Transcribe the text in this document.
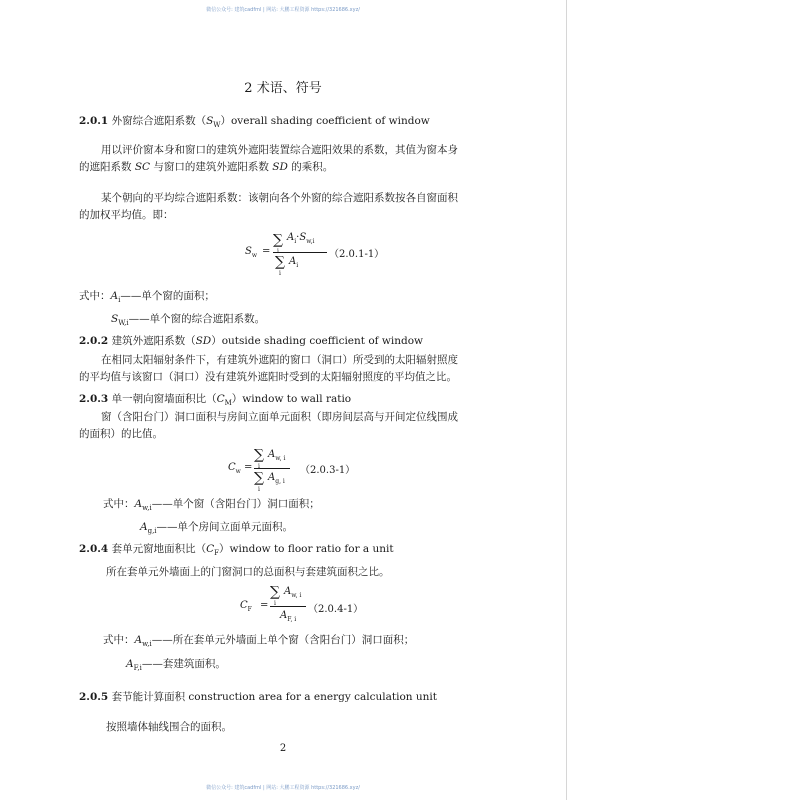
微信公众号: 建筑cadfml | 网站: 大鹏工程资源 https://321686.xyz/
2 术语、符号
2.0.1 外窗综合遮阳系数$(S_W)overall$ shading coefficient of window
用以评价窗本身和窗口的建筑外遮阳装置综合遮阳效果的系数，其值为窗本身
的遮阳系数 SC 与窗口的建筑外遮阳系数 SD 的乘积。
某个朝向的平均综合遮阳系数：该朝向各个外窗的综合遮阳系数按各自窗面积
的加权平均值。即：
$S_w$ =
∑
i
$A_i\cdot S_{w,i}$
∑
i
$A_i$
（2.0.1-1）
式中：$A_i——$单个窗的面积；
$S_{W,i}——$单个窗的综合遮阳系数。
2.0.2 建筑外遮阳系数（SD）outside shading coefficient of window
在相同太阳辐射条件下，有建筑外遮阳的窗口（洞口）所受到的太阳辐射照度
的平均值与该窗口（洞口）没有建筑外遮阳时受到的太阳辐射照度的平均值之比。
2.0.3 单一朝向窗墙面积比$(C_M)window$ to wall ratio
窗（含阳台门）洞口面积与房间立面单元面积（即房间层高与开间定位线围成
的面积）的比值。
$C_w$ =
∑
i
$A_{w, i}$
∑
i
$A_{g, i}$
（2.0.3-1）
式中：$A_{w,i}——$单个窗（含阳台门）洞口面积；
$A_{g,i}——$单个房间立面单元面积。
2.0.4 套单元窗地面积比$(C_F)window$ to floor ratio for a unit
所在套单元外墙面上的门窗洞口的总面积与套建筑面积之比。
$C_F$ =
∑
i
$A_{w, i}$
$A_{F, i}$
（2.0.4-1）
式中：$A_{w,i}——$所在套单元外墙面上单个窗（含阳台门）洞口面积；
$A_{F,i}——$套建筑面积。
2.0.5 套节能计算面积 construction area for a energy calculation unit
按照墙体轴线围合的面积。
2
微信公众号: 建筑cadfml | 网站: 大鹏工程资源 https://321686.xyz/
